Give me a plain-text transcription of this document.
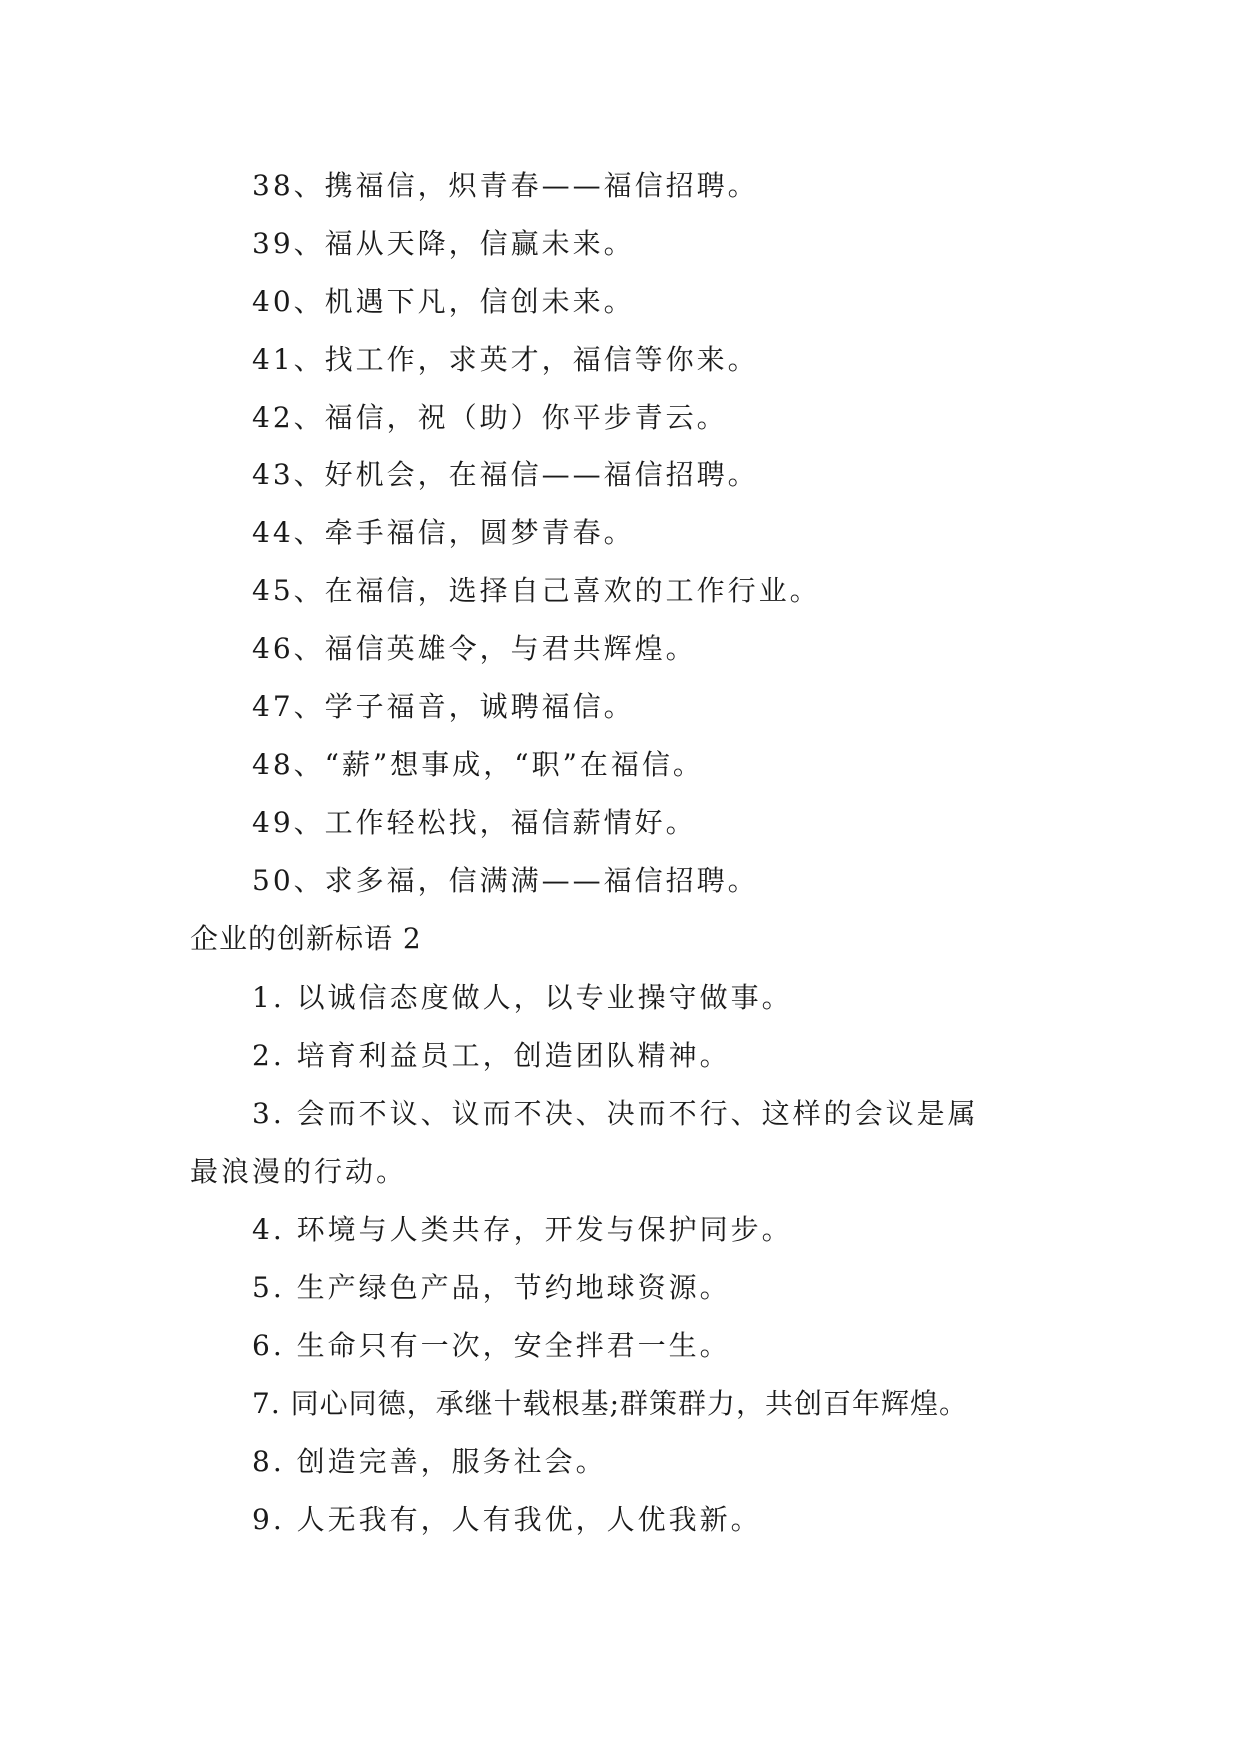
38、携福信，炽青春——福信招聘。
39、福从天降，信赢未来。
40、机遇下凡，信创未来。
41、找工作，求英才，福信等你来。
42、福信，祝（助）你平步青云。
43、好机会，在福信——福信招聘。
44、牵手福信，圆梦青春。
45、在福信，选择自己喜欢的工作行业。
46、福信英雄令，与君共辉煌。
47、学子福音，诚聘福信。
48、“薪”想事成，“职”在福信。
49、工作轻松找，福信薪情好。
50、求多福，信满满——福信招聘。
企业的创新标语 2
1. 以诚信态度做人，以专业操守做事。
2. 培育利益员工，创造团队精神。
3. 会而不议、议而不决、决而不行、这样的会议是属
最浪漫的行动。
4. 环境与人类共存，开发与保护同步。
5. 生产绿色产品，节约地球资源。
6. 生命只有一次，安全拌君一生。
7. 同心同德，承继十载根基;群策群力，共创百年辉煌。
8. 创造完善，服务社会。
9. 人无我有，人有我优，人优我新。
